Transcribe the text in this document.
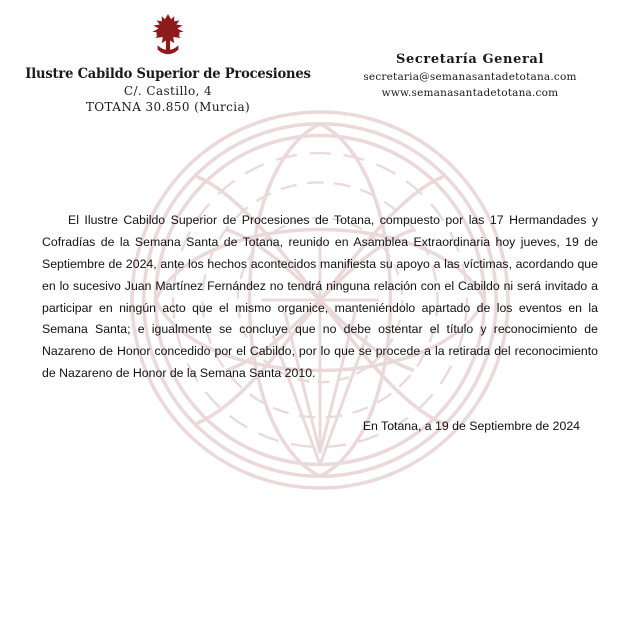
Ilustre Cabildo Superior de Procesiones
C/. Castillo, 4
TOTANA 30.850 (Murcia)
Secretaría General
secretaria@semanasantadetotana.com
www.semanasantadetotana.com
El Ilustre Cabildo Superior de Procesiones de Totana, compuesto por las 17 Hermandades y Cofradías de la Semana Santa de Totana, reunido en Asamblea Extraordinaria hoy jueves, 19 de Septiembre de 2024, ante los hechos acontecidos manifiesta su apoyo a las víctimas, acordando que en lo sucesivo Juan Martínez Fernández no tendrá ninguna relación con el Cabildo ni será invitado a participar en ningún acto que el mismo organice, manteniéndolo apartado de los eventos en la Semana Santa; e igualmente se concluye que no debe ostentar el título y reconocimiento de Nazareno de Honor concedido por el Cabildo, por lo que se procede a la retirada del reconocimiento de Nazareno de Honor de la Semana Santa 2010.
En Totana, a 19 de Septiembre de 2024
